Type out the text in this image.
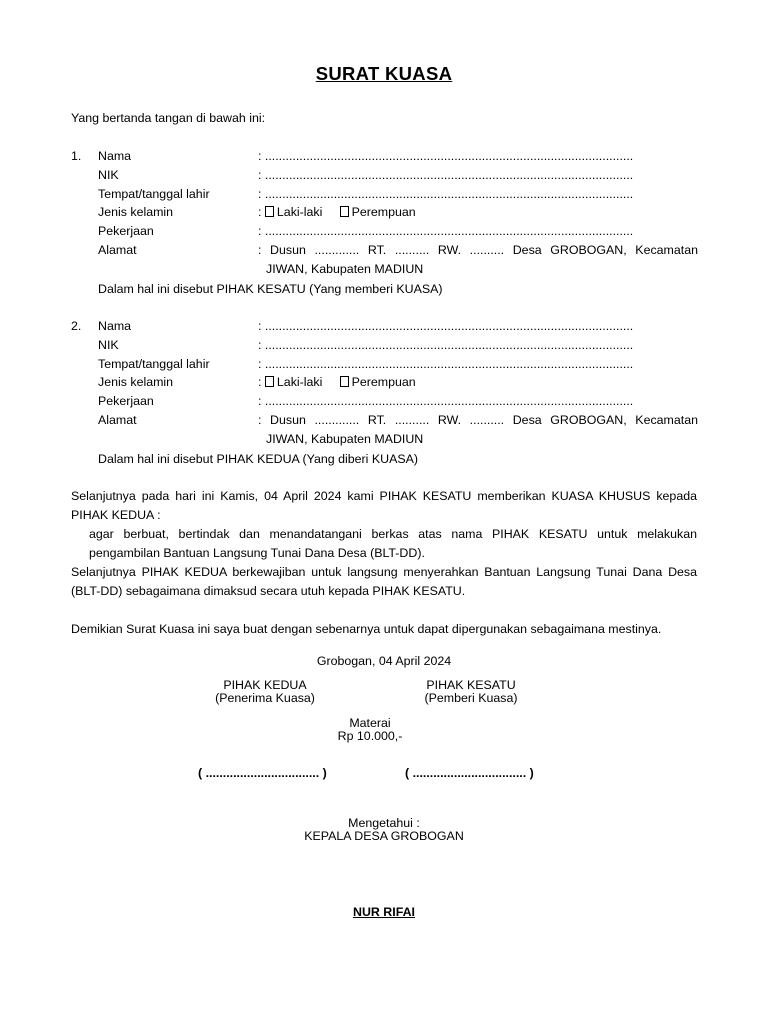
SURAT KUASA
Yang bertanda tangan di bawah ini:
1. Nama	: ...........................................................................................................
NIK	: ...........................................................................................................
Tempat/tanggal lahir	: ...........................................................................................................
Jenis kelamin	: Laki-laki Perempuan
Pekerjaan	: ...........................................................................................................
Alamat	: Dusun ............. RT. .......... RW. .......... Desa GROBOGAN, Kecamatan
JIWAN, Kabupaten MADIUN
Dalam hal ini disebut PIHAK KESATU (Yang memberi KUASA)
2. Nama	: ...........................................................................................................
NIK	: ...........................................................................................................
Tempat/tanggal lahir	: ...........................................................................................................
Jenis kelamin	: Laki-laki Perempuan
Pekerjaan	: ...........................................................................................................
Alamat	: Dusun ............. RT. .......... RW. .......... Desa GROBOGAN, Kecamatan
JIWAN, Kabupaten MADIUN
Dalam hal ini disebut PIHAK KEDUA (Yang diberi KUASA)
Selanjutnya pada hari ini Kamis, 04 April 2024 kami PIHAK KESATU memberikan KUASA KHUSUS kepada
PIHAK KEDUA :
agar berbuat, bertindak dan menandatangani berkas atas nama PIHAK KESATU untuk melakukan
pengambilan Bantuan Langsung Tunai Dana Desa (BLT-DD).
Selanjutnya PIHAK KEDUA berkewajiban untuk langsung menyerahkan Bantuan Langsung Tunai Dana Desa
(BLT-DD) sebagaimana dimaksud secara utuh kepada PIHAK KESATU.
Demikian Surat Kuasa ini saya buat dengan sebenarnya untuk dapat dipergunakan sebagaimana mestinya.
Grobogan, 04 April 2024
PIHAK KEDUA
(Penerima Kuasa)
PIHAK KESATU
(Pemberi Kuasa)
Materai
Rp 10.000,-
( ................................. )	( ................................. )
Mengetahui :
KEPALA DESA GROBOGAN
NUR RIFAI
